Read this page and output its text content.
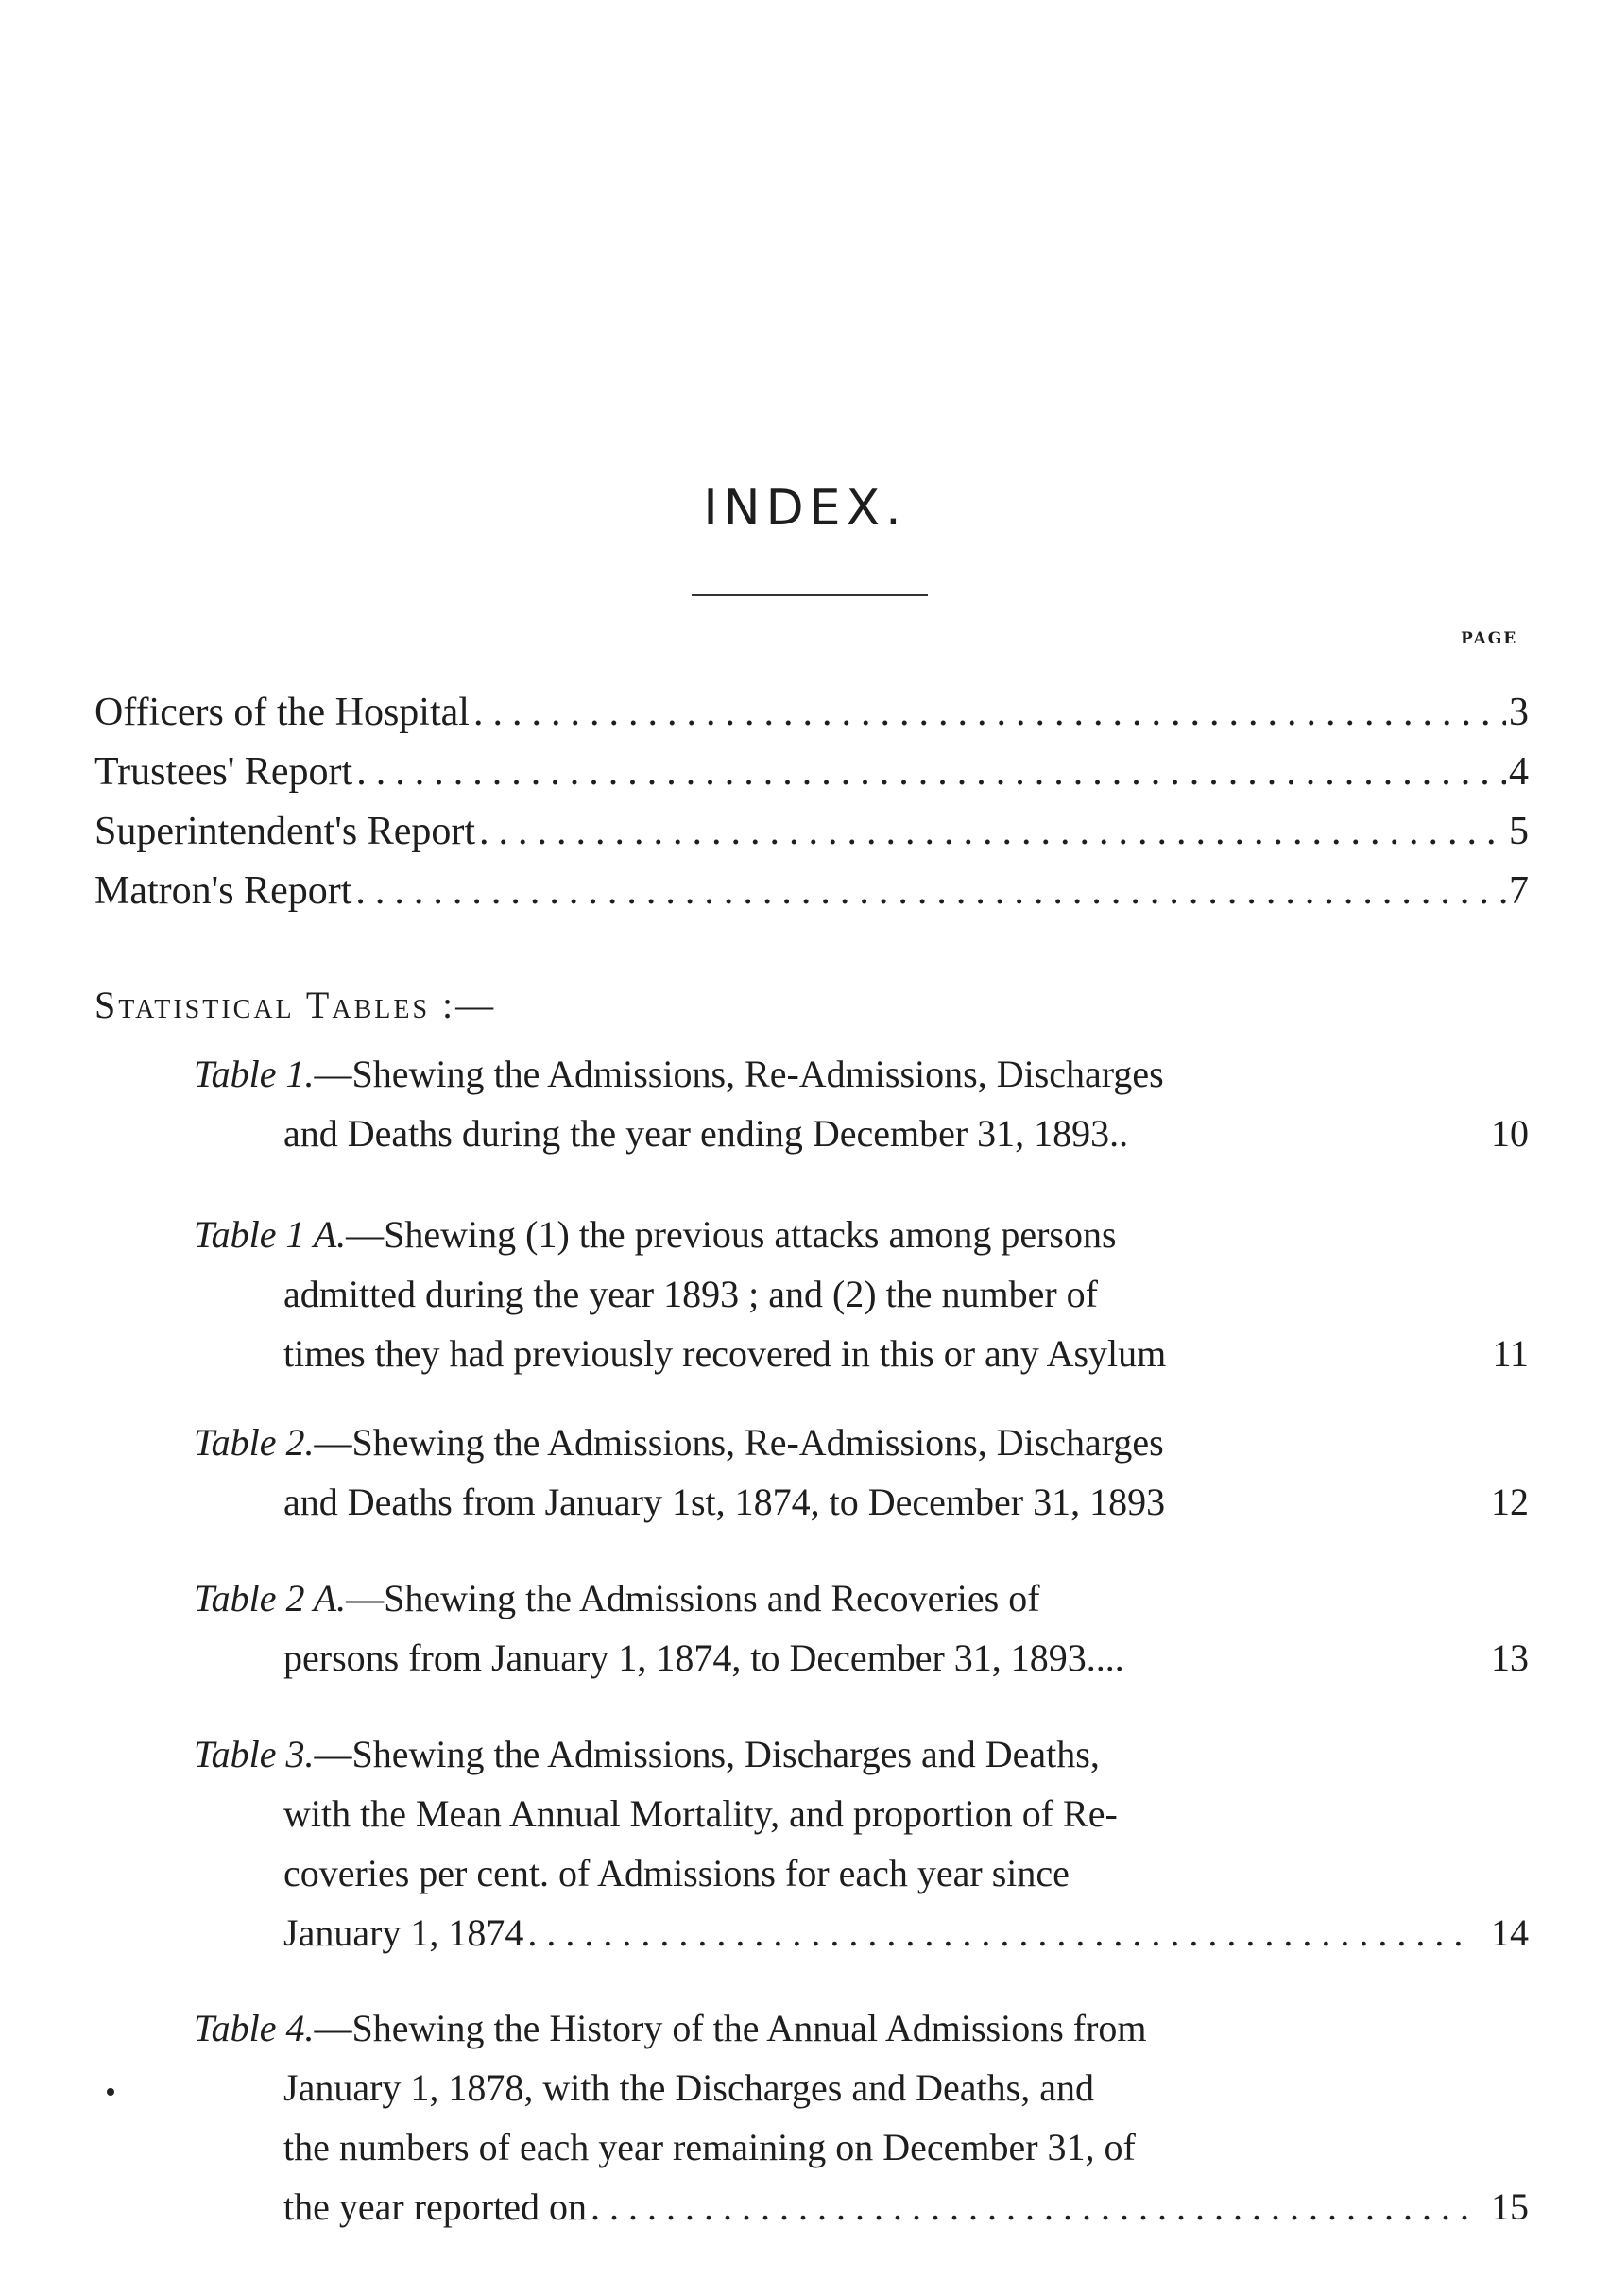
INDEX.
PAGE
Officers of the Hospital .....	3
Trustees' Report .....	4
Superintendent's Report .....	5
Matron's Report .....	7
Statistical Tables :—
Table 1. —Shewing the Admissions, Re-Admissions, Discharges
and Deaths during the year ending December 31, 1893..	10
Table 1 A. —Shewing (1) the previous attacks among persons
admitted during the year 1893 ; and (2) the number of
times they had previously recovered in this or any Asylum	11
Table 2. —Shewing the Admissions, Re-Admissions, Discharges
and Deaths from January 1st, 1874, to December 31, 1893	12
Table 2 A. —Shewing the Admissions and Recoveries of
persons from January 1, 1874, to December 31, 1893....	13
Table 3. —Shewing the Admissions, Discharges and Deaths,
with the Mean Annual Mortality, and proportion of Re-
coveries per cent. of Admissions for each year since
January 1, 1874 .....	14
Table 4. —Shewing the History of the Annual Admissions from
January 1, 1878, with the Discharges and Deaths, and
the numbers of each year remaining on December 31, of
the year reported on .....	15
